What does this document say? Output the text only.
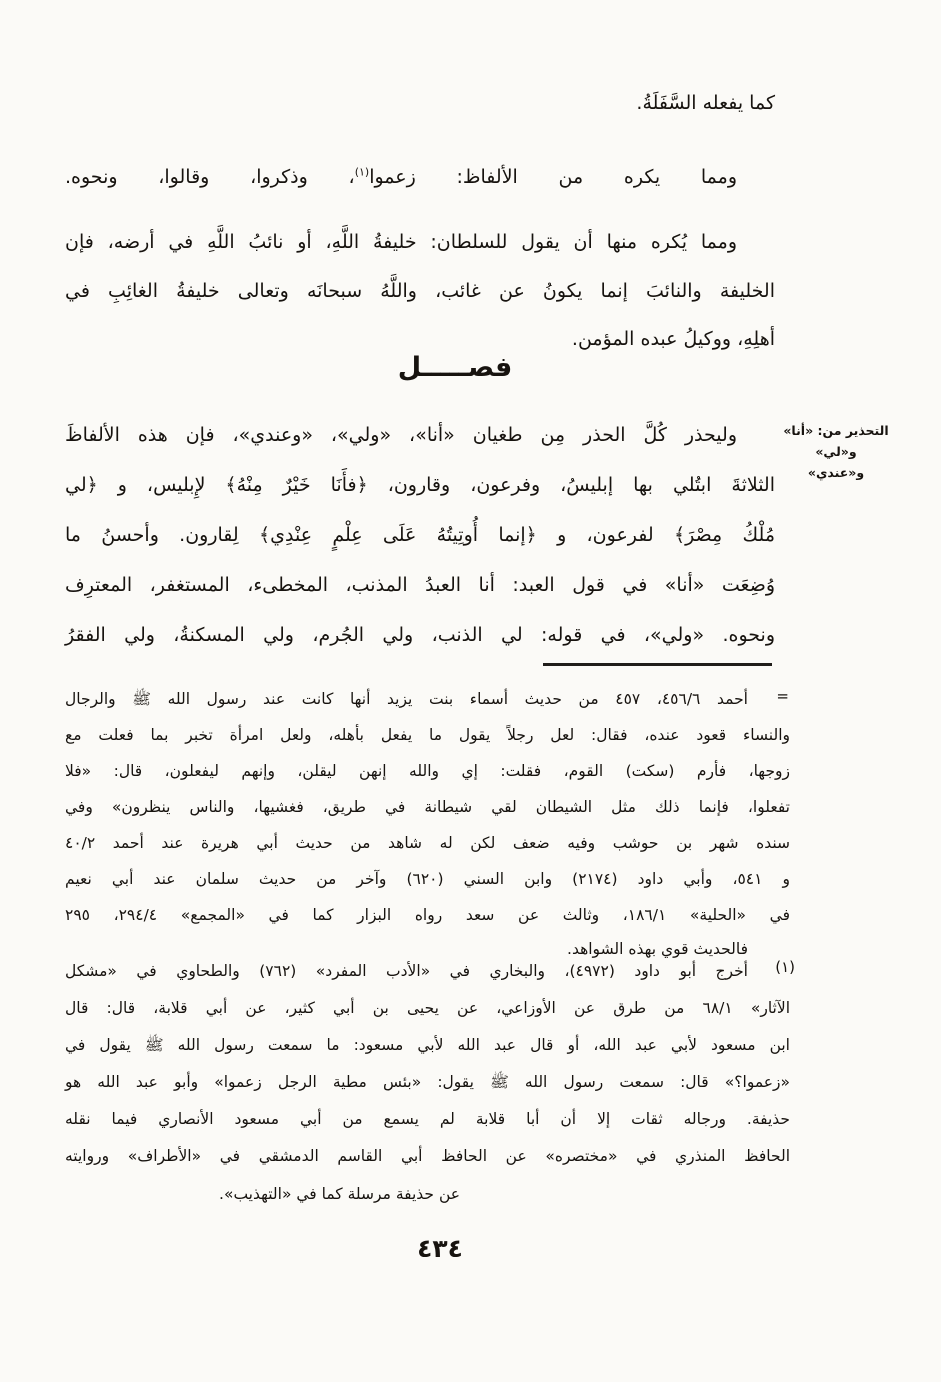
كما يفعله السَّفَلَةُ.
ومما يكره من الألفاظ: زعموا$^{(١)}$، وذكروا، وقالوا، ونحوه.
ومما يُكره منها أن يقول للسلطان: خليفةُ اللَّهِ، أو نائبُ اللَّهِ في أرضه، فإن
الخليفة والنائبَ إنما يكونُ عن غائب، واللَّهُ سبحانَه وتعالى خليفةُ الغائِبِ في
أهلِهِ، ووكيلُ عبده المؤمن.
فصـــــل
التحذير من: «أنا» و«لي»
و«عندي»
وليحذر كُلَّ الحذر مِن طغيان «أنا»، «ولي»، «وعندي»، فإن هذه الألفاظَ
الثلاثةَ ابتُلي بها إبليسُ، وفرعون، وقارون، ﴿فأَنَا خَيْرٌ مِنْهُ﴾ لإِبليس، و ﴿لي
مُلْكُ مِصْرَ﴾ لفرعون، و ﴿إنما أُوتِيتُهُ عَلَى عِلْمٍ عِنْدِي﴾ لِقارون. وأحسنُ ما
وُضِعَت «أنا» في قول العبد: أنا العبدُ المذنب، المخطىء، المستغفر، المعترِف
ونحوه. «ولي»، في قوله: لي الذنب، ولي الجُرم، ولي المسكنةُ، ولي الفقرُ
=
أحمد ٤٥٦/٦، ٤٥٧ من حديث أسماء بنت يزيد أنها كانت عند رسول الله ﷺ والرجال
والنساء قعود عنده، فقال: لعل رجلاً يقول ما يفعل بأهله، ولعل امرأة تخبر بما فعلت مع
زوجها، فأرم (سكت) القوم، فقلت: إي والله إنهن ليقلن، وإنهم ليفعلون، قال: «فلا
تفعلوا، فإنما ذلك مثل الشيطان لقي شيطانة في طريق، فغشيها، والناس ينظرون» وفي
سنده شهر بن حوشب وفيه ضعف لكن له شاهد من حديث أبي هريرة عند أحمد ٤٠/٢
و ٥٤١، وأبي داود (٢١٧٤) وابن السني (٦٢٠) وآخر من حديث سلمان عند أبي نعيم
في «الحلية» ١٨٦/١، وثالث عن سعد رواه البزار كما في «المجمع» ٢٩٤/٤، ٢٩٥
فالحديث قوي بهذه الشواهد.
(١)
أخرج أبو داود (٤٩٧٢)، والبخاري في «الأدب المفرد» (٧٦٢) والطحاوي في «مشكل
الآثار» ٦٨/١ من طرق عن الأوزاعي، عن يحيى بن أبي كثير، عن أبي قلابة، قال: قال
ابن مسعود لأبي عبد الله، أو قال عبد الله لأبي مسعود: ما سمعت رسول الله ﷺ يقول في
«زعموا؟» قال: سمعت رسول الله ﷺ يقول: «بئس مطية الرجل زعموا» وأبو عبد الله هو
حذيفة. ورجاله ثقات إلا أن أبا قلابة لم يسمع من أبي مسعود الأنصاري فيما نقله
الحافظ المنذري في «مختصره» عن الحافظ أبي القاسم الدمشقي في «الأطراف» وروايته
عن حذيفة مرسلة كما في «التهذيب».
٤٣٤
